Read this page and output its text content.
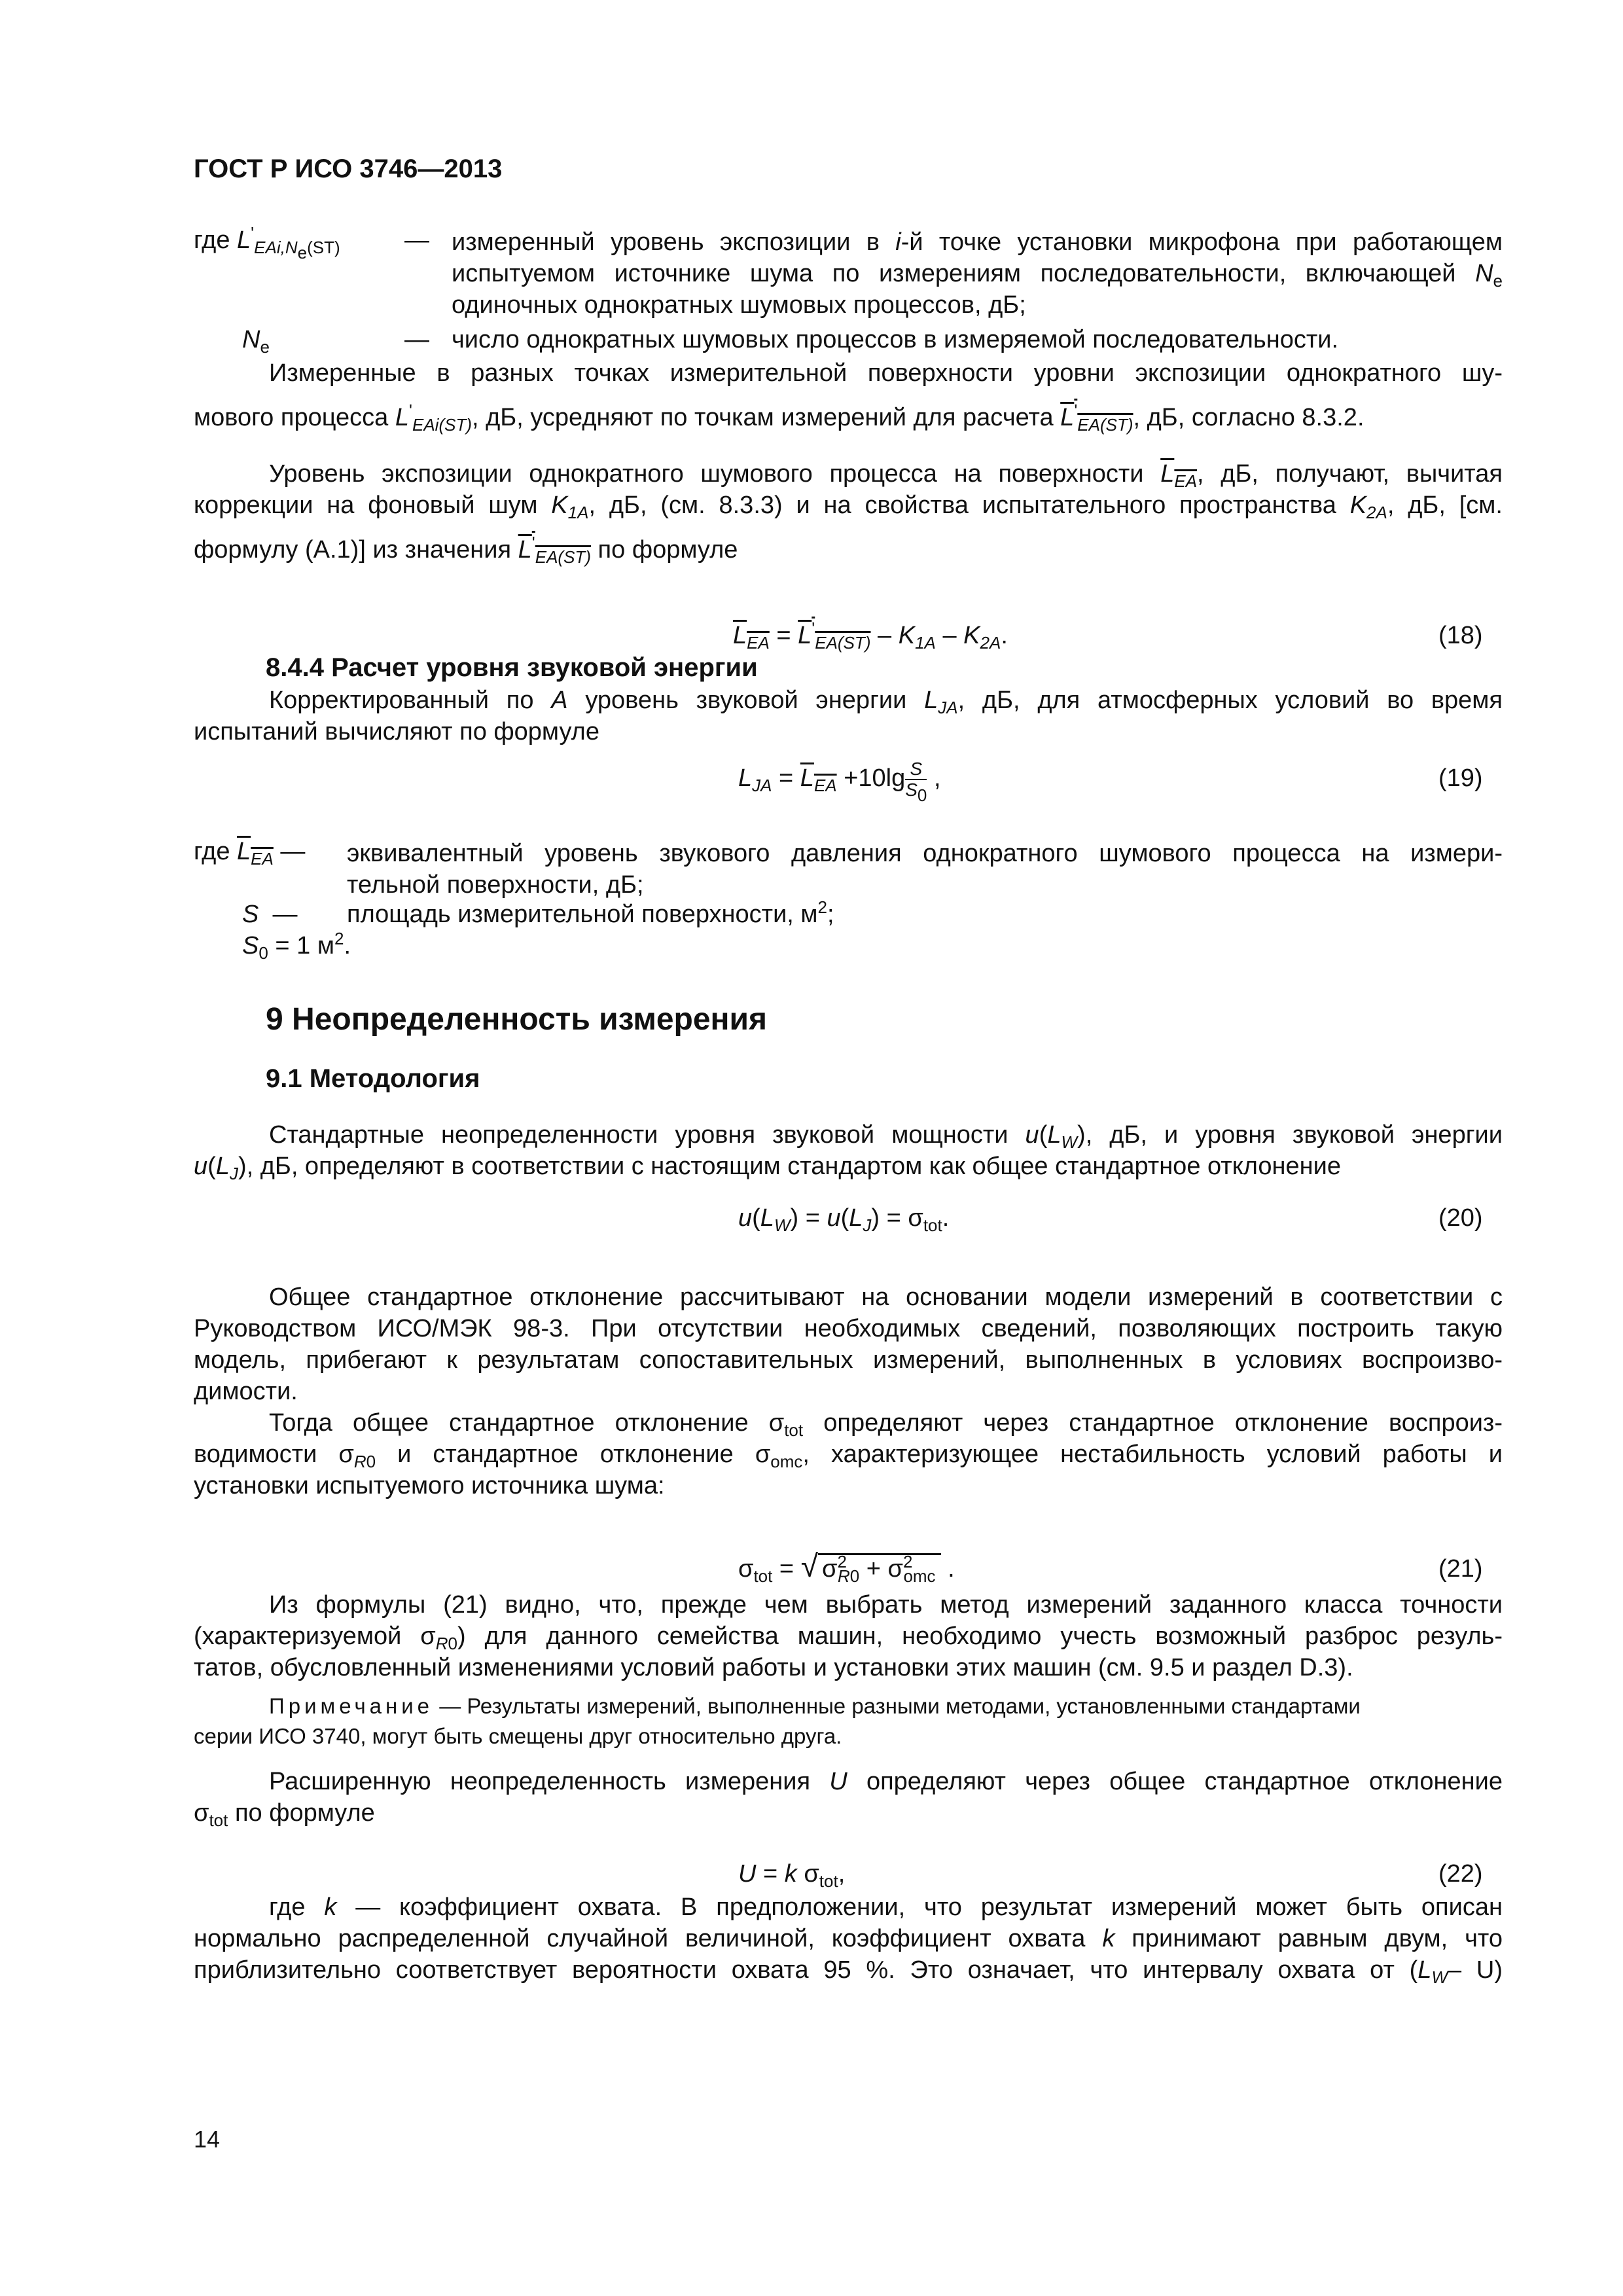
ГОСТ Р ИСО 3746—2013
где $L'_{EAi,N_e(ST)}$	— измеренный уровень экспозиции в i-й точке установки микрофона при работающем испытуемом источнике шума по измерениям последовательности, включающей $N_e$ одиночных однократных шумовых процессов, дБ;
$N_e$	— число однократных шумовых процессов в измеряемой последовательности.
Измеренные в разных точках измерительной поверхности уровни экспозиции однократного шу-
мового процесса $L'_{EAi(ST)}$, дБ, усредняют по точкам измерений для расчета $L'_{EA(ST)}$, дБ, согласно 8.3.2.
Уровень экспозиции однократного шумового процесса на поверхности $L_{EA}$, дБ, получают, вычитая
коррекции на фоновый шум $K_{1A}$, дБ, (см. 8.3.3) и на свойства испытательного пространства $K_{2A}$, дБ, [см.
формулу (А.1)] из значения $L'_{EA(ST)}$ по формуле
$L_{EA} = L'_{EA(ST)} - K_{1A} - K_{2A}$.	(18)
8.4.4 Расчет уровня звуковой энергии
Корректированный по A уровень звуковой энергии $L_{JA}$, дБ, для атмосферных условий во время
испытаний вычисляют по формуле
$L_{JA} = L_{EA} +10\lg \frac{S}{S_0}$ ,	(19)
где $L_{EA}$ — эквивалентный уровень звукового давления однократного шумового процесса на измери-
тельной поверхности, дБ;
S  — площадь измерительной поверхности, $м^2$;
$S_0 = 1$ $м^2$.
9 Неопределенность измерения
9.1 Методология
Стандартные неопределенности уровня звуковой мощности $u(L_W)$, дБ, и уровня звуковой энергии
$u(L_J)$, дБ, определяют в соответствии с настоящим стандартом как общее стандартное отклонение
$u(L_W) = u(L_J) = \sigma_{tot}$.	(20)
Общее стандартное отклонение рассчитывают на основании модели измерений в соответствии с
Руководством ИСО/МЭК 98-3. При отсутствии необходимых сведений, позволяющих построить такую
модель, прибегают к результатам сопоставительных измерений, выполненных в условиях воспроизво-
димости.
Тогда общее стандартное отклонение $\sigma_{tot}$ определяют через стандартное отклонение воспроиз-
водимости $\sigma_{R0}$ и стандартное отклонение $\sigma_{omc}$, характеризующее нестабильность условий работы и
установки испытуемого источника шума:
$\sigma_{tot}$ = √ $\sigma^2_{R0} + \sigma^2_{omc}$ .	(21)
Из формулы (21) видно, что, прежде чем выбрать метод измерений заданного класса точности
(характеризуемой $\sigma_{R0}$) для данного семейства машин, необходимо учесть возможный разброс резуль-
татов, обусловленный изменениями условий работы и установки этих машин (см. 9.5 и раздел D.3).
Примечание — Результаты измерений, выполненные разными методами, установленными стандартами
серии ИСО 3740, могут быть смещены друг относительно друга.
Расширенную неопределенность измерения U определяют через общее стандартное отклонение
$\sigma_{tot}$ по формуле
U = k $\sigma_{tot}$,	(22)
где k — коэффициент охвата. В предположении, что результат измерений может быть описан
нормально распределенной случайной величиной, коэффициент охвата k принимают равным двум, что
приблизительно соответствует вероятности охвата 95 %. Это означает, что интервалу охвата от ($L_W-$ U)
14
